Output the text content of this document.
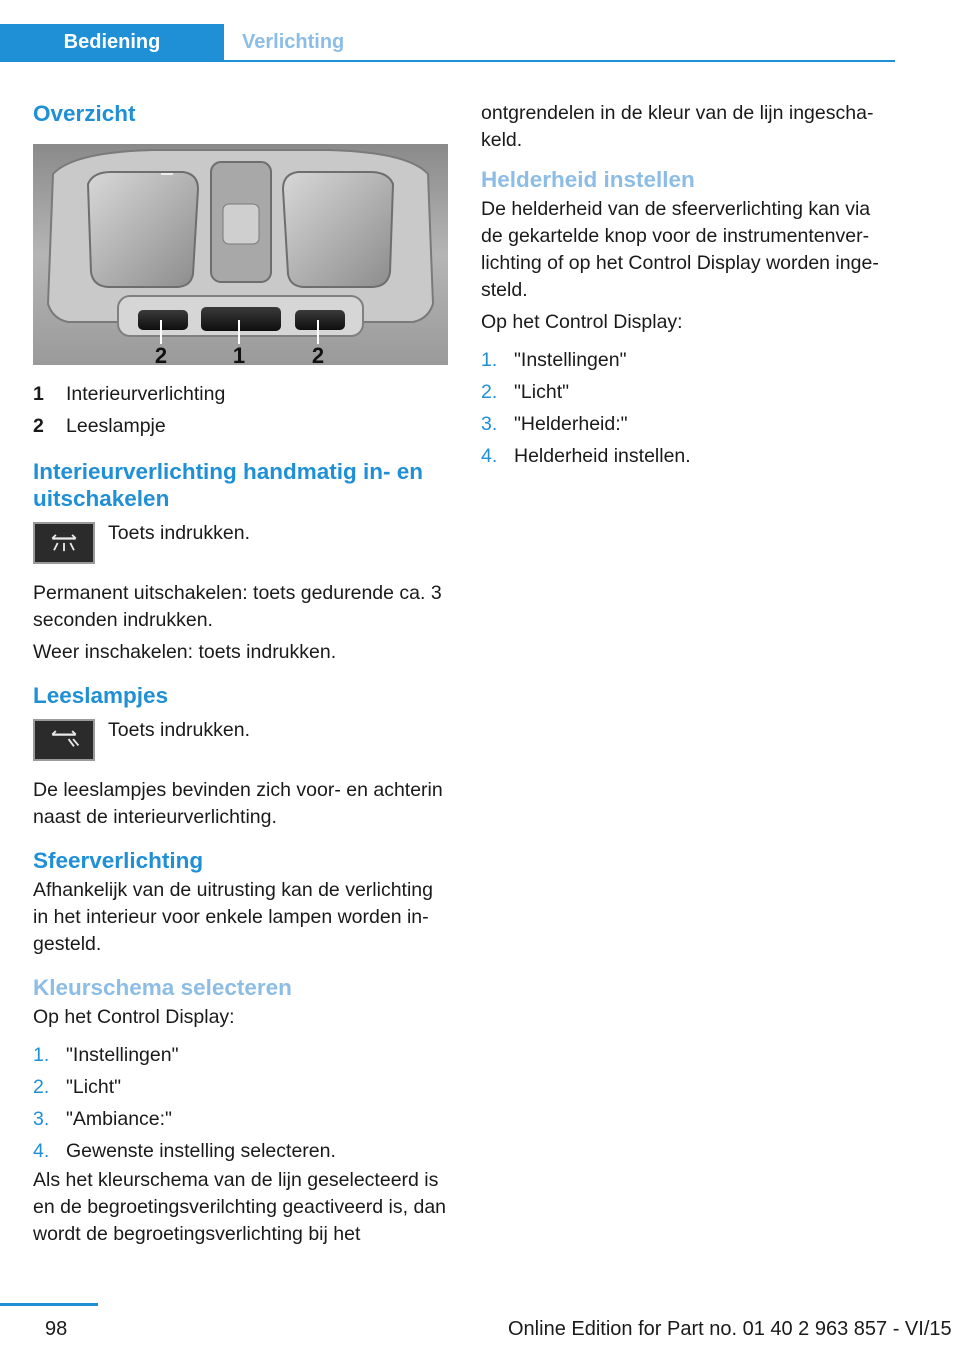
Bediening	Verlichting
Overzicht
2	1	2
1	Interieurverlichting
2	Leeslampje
Interieurverlichting handmatig in- en uitschakelen
Toets indrukken.

Permanent uitschakelen: toets gedurende ca. 3 seconden indrukken.

Weer inschakelen: toets indrukken.

Leeslampjes
Toets indrukken.

De leeslampjes bevinden zich voor- en achterin naast de interieurverlichting.

Sfeerverlichting

Afhankelijk van de uitrusting kan de verlichting in het interieur voor enkele lampen worden ingesteld.

Kleurschema selecteren

Op het Control Display:

1. "Instellingen"
2. "Licht"
3. "Ambiance:"
4. Gewenste instelling selecteren.

Als het kleurschema van de lijn geselecteerd is en de begroetingsverilchting geactiveerd is, dan wordt de begroetingsverlichting bij het

ontgrendelen in de kleur van de lijn ingeschakeld.

Helderheid instellen

De helderheid van de sfeerverlichting kan via de gekartelde knop voor de instrumentenverlichting of op het Control Display worden ingesteld.

Op het Control Display:

1. "Instellingen"
2. "Licht"
3. "Helderheid:"
4. Helderheid instellen.
98	Online Edition for Part no. 01 40 2 963 857 - VI/15
